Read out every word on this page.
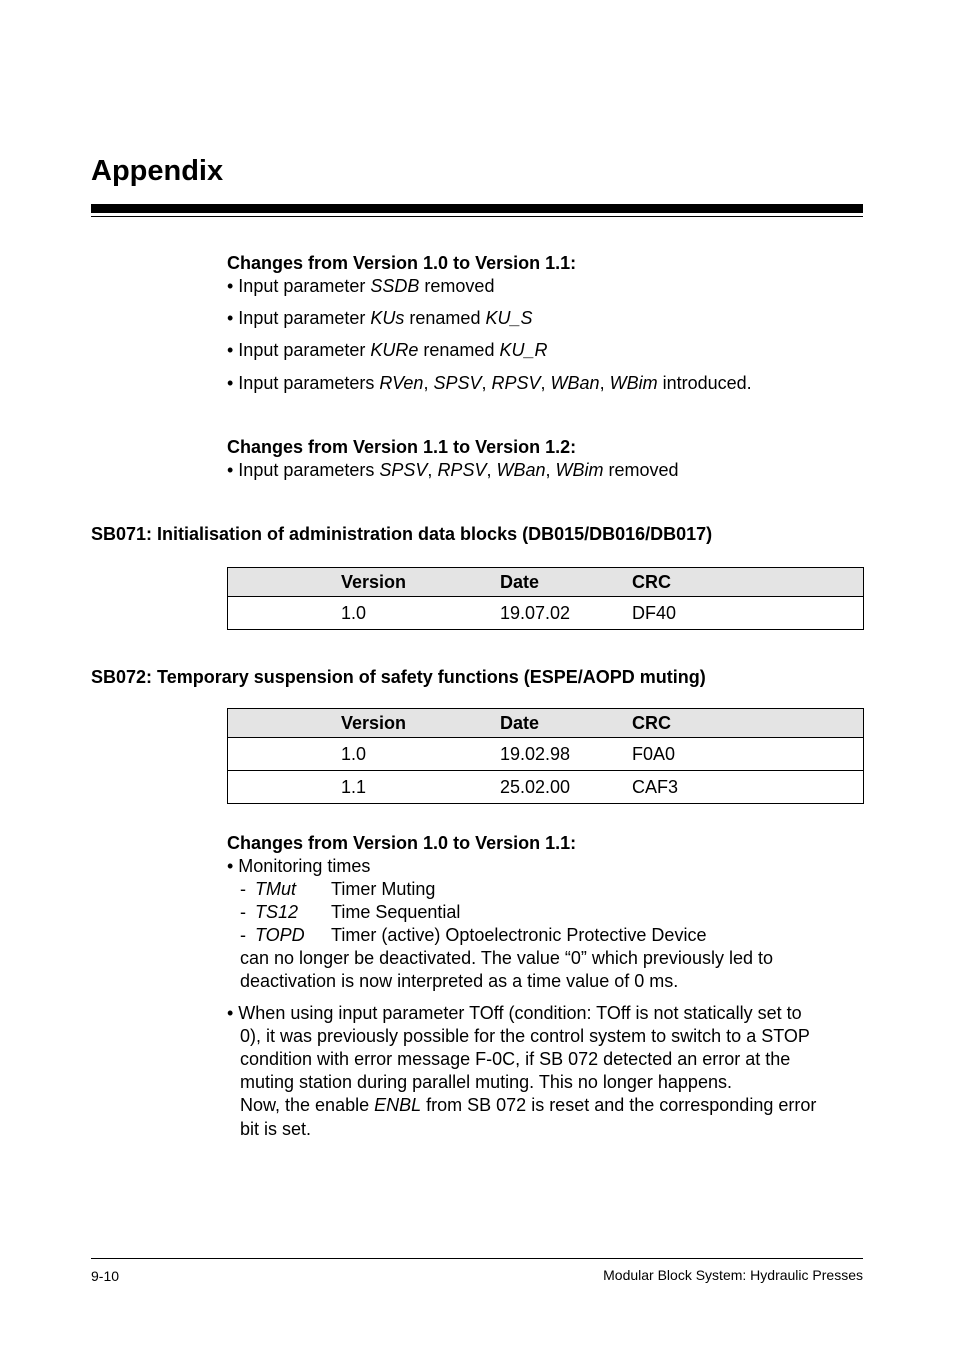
Appendix
Changes from Version 1.0 to Version 1.1:
• Input parameter SSDB removed
• Input parameter KUs renamed KU_S
• Input parameter KURe renamed KU_R
• Input parameters RVen, SPSV, RPSV, WBan, WBim introduced.
Changes from Version 1.1 to Version 1.2:
• Input parameters SPSV, RPSV, WBan, WBim removed
SB071: Initialisation of administration data blocks (DB015/DB016/DB017)
	Version	Date	CRC
	1.0	19.07.02	DF40
SB072: Temporary suspension of safety functions (ESPE/AOPD muting)
	Version	Date	CRC
	1.0	19.02.98	F0A0
	1.1	25.02.00	CAF3
Changes from Version 1.0 to Version 1.1:
• Monitoring times
- TMut Timer Muting
- TS12 Time Sequential
- TOPD Timer (active) Optoelectronic Protective Device
can no longer be deactivated. The value “0” which previously led to
deactivation is now interpreted as a time value of 0 ms.
• When using input parameter TOff (condition: TOff is not statically set to
0), it was previously possible for the control system to switch to a STOP
condition with error message F-0C, if SB 072 detected an error at the
muting station during parallel muting. This no longer happens.
Now, the enable ENBL from SB 072 is reset and the corresponding error
bit is set.
9-10	Modular Block System: Hydraulic Presses
